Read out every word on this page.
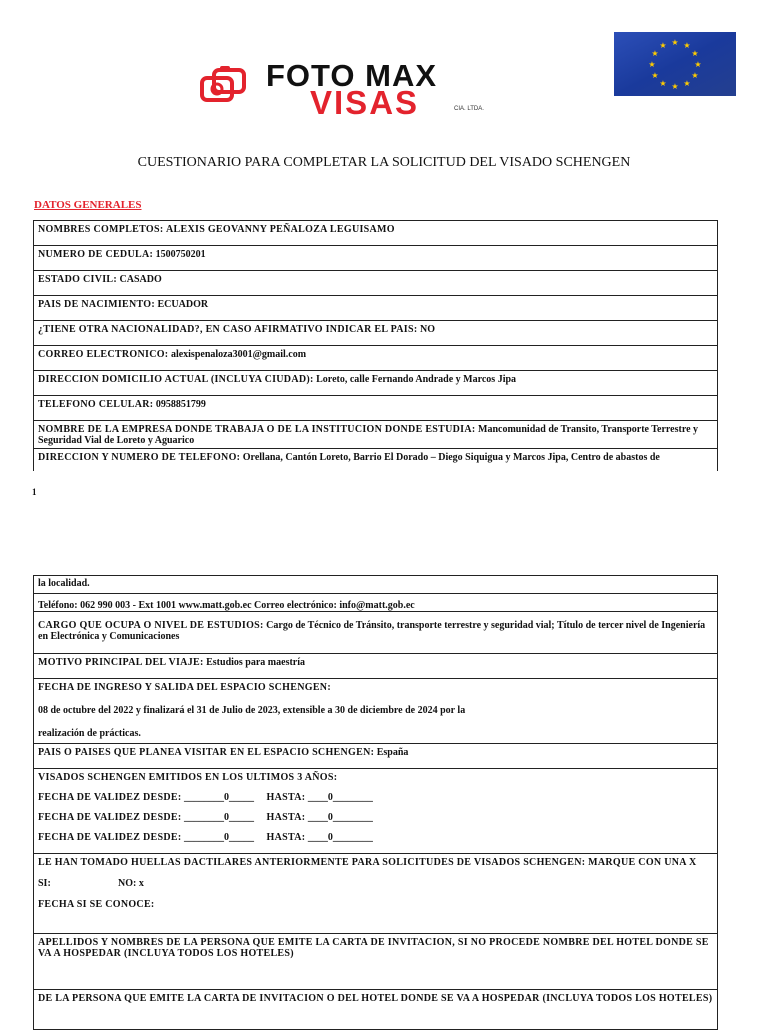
FOTO MAX
VISAS	CIA. LTDA.
★ ★
★
★
★
★
★
★
★
★
★
★
CUESTIONARIO PARA COMPLETAR LA SOLICITUD DEL VISADO SCHENGEN
DATOS GENERALES
NOMBRES COMPLETOS: ALEXIS GEOVANNY PEÑALOZA LEGUISAMO
NUMERO DE CEDULA: 1500750201
ESTADO CIVIL: CASADO
PAIS DE NACIMIENTO: ECUADOR
¿TIENE OTRA NACIONALIDAD?, EN CASO AFIRMATIVO INDICAR EL PAIS: NO
CORREO ELECTRONICO: alexispenaloza3001@gmail.com
DIRECCION DOMICILIO ACTUAL (INCLUYA CIUDAD): Loreto, calle Fernando Andrade y Marcos Jipa
TELEFONO CELULAR: 0958851799
NOMBRE DE LA EMPRESA DONDE TRABAJA O DE LA INSTITUCION DONDE ESTUDIA: Mancomunidad de Transito, Transporte Terrestre y Seguridad Vial de Loreto y Aguarico
DIRECCION Y NUMERO DE TELEFONO: Orellana, Cantón Loreto, Barrio El Dorado – Diego Siquigua y Marcos Jipa, Centro de abastos de
1
la localidad.
Teléfono: 062 990 003 - Ext 1001 www.matt.gob.ec Correo electrónico: info@matt.gob.ec
CARGO QUE OCUPA O NIVEL DE ESTUDIOS: Cargo de Técnico de Tránsito, transporte terrestre y seguridad vial; Título de tercer nivel de Ingeniería en Electrónica y Comunicaciones
MOTIVO PRINCIPAL DEL VIAJE: Estudios para maestría

FECHA DE INGRESO Y SALIDA DEL ESPACIO SCHENGEN:
08 de octubre del 2022 y finalizará el 31 de Julio de 2023, extensible a 30 de diciembre de 2024 por la
realización de prácticas.

PAIS O PAISES QUE PLANEA VISITAR EN EL ESPACIO SCHENGEN: España

VISADOS SCHENGEN EMITIDOS EN LOS ULTIMOS 3 AÑOS:
FECHA DE VALIDEZ DESDE: ________0_____ HASTA: ____0________
FECHA DE VALIDEZ DESDE: ________0_____ HASTA: ____0________
FECHA DE VALIDEZ DESDE: ________0_____ HASTA: ____0________

LE HAN TOMADO HUELLAS DACTILARES ANTERIORMENTE PARA SOLICITUDES DE VISADOS SCHENGEN: MARQUE CON UNA X
SI:	NO: x
FECHA SI SE CONOCE:

APELLIDOS Y NOMBRES DE LA PERSONA QUE EMITE LA CARTA DE INVITACION, SI NO PROCEDE NOMBRE DEL HOTEL DONDE SE VA A HOSPEDAR (INCLUYA TODOS LOS HOTELES)
DE LA PERSONA QUE EMITE LA CARTA DE INVITACION O DEL HOTEL DONDE SE VA A HOSPEDAR (INCLUYA TODOS LOS HOTELES)
